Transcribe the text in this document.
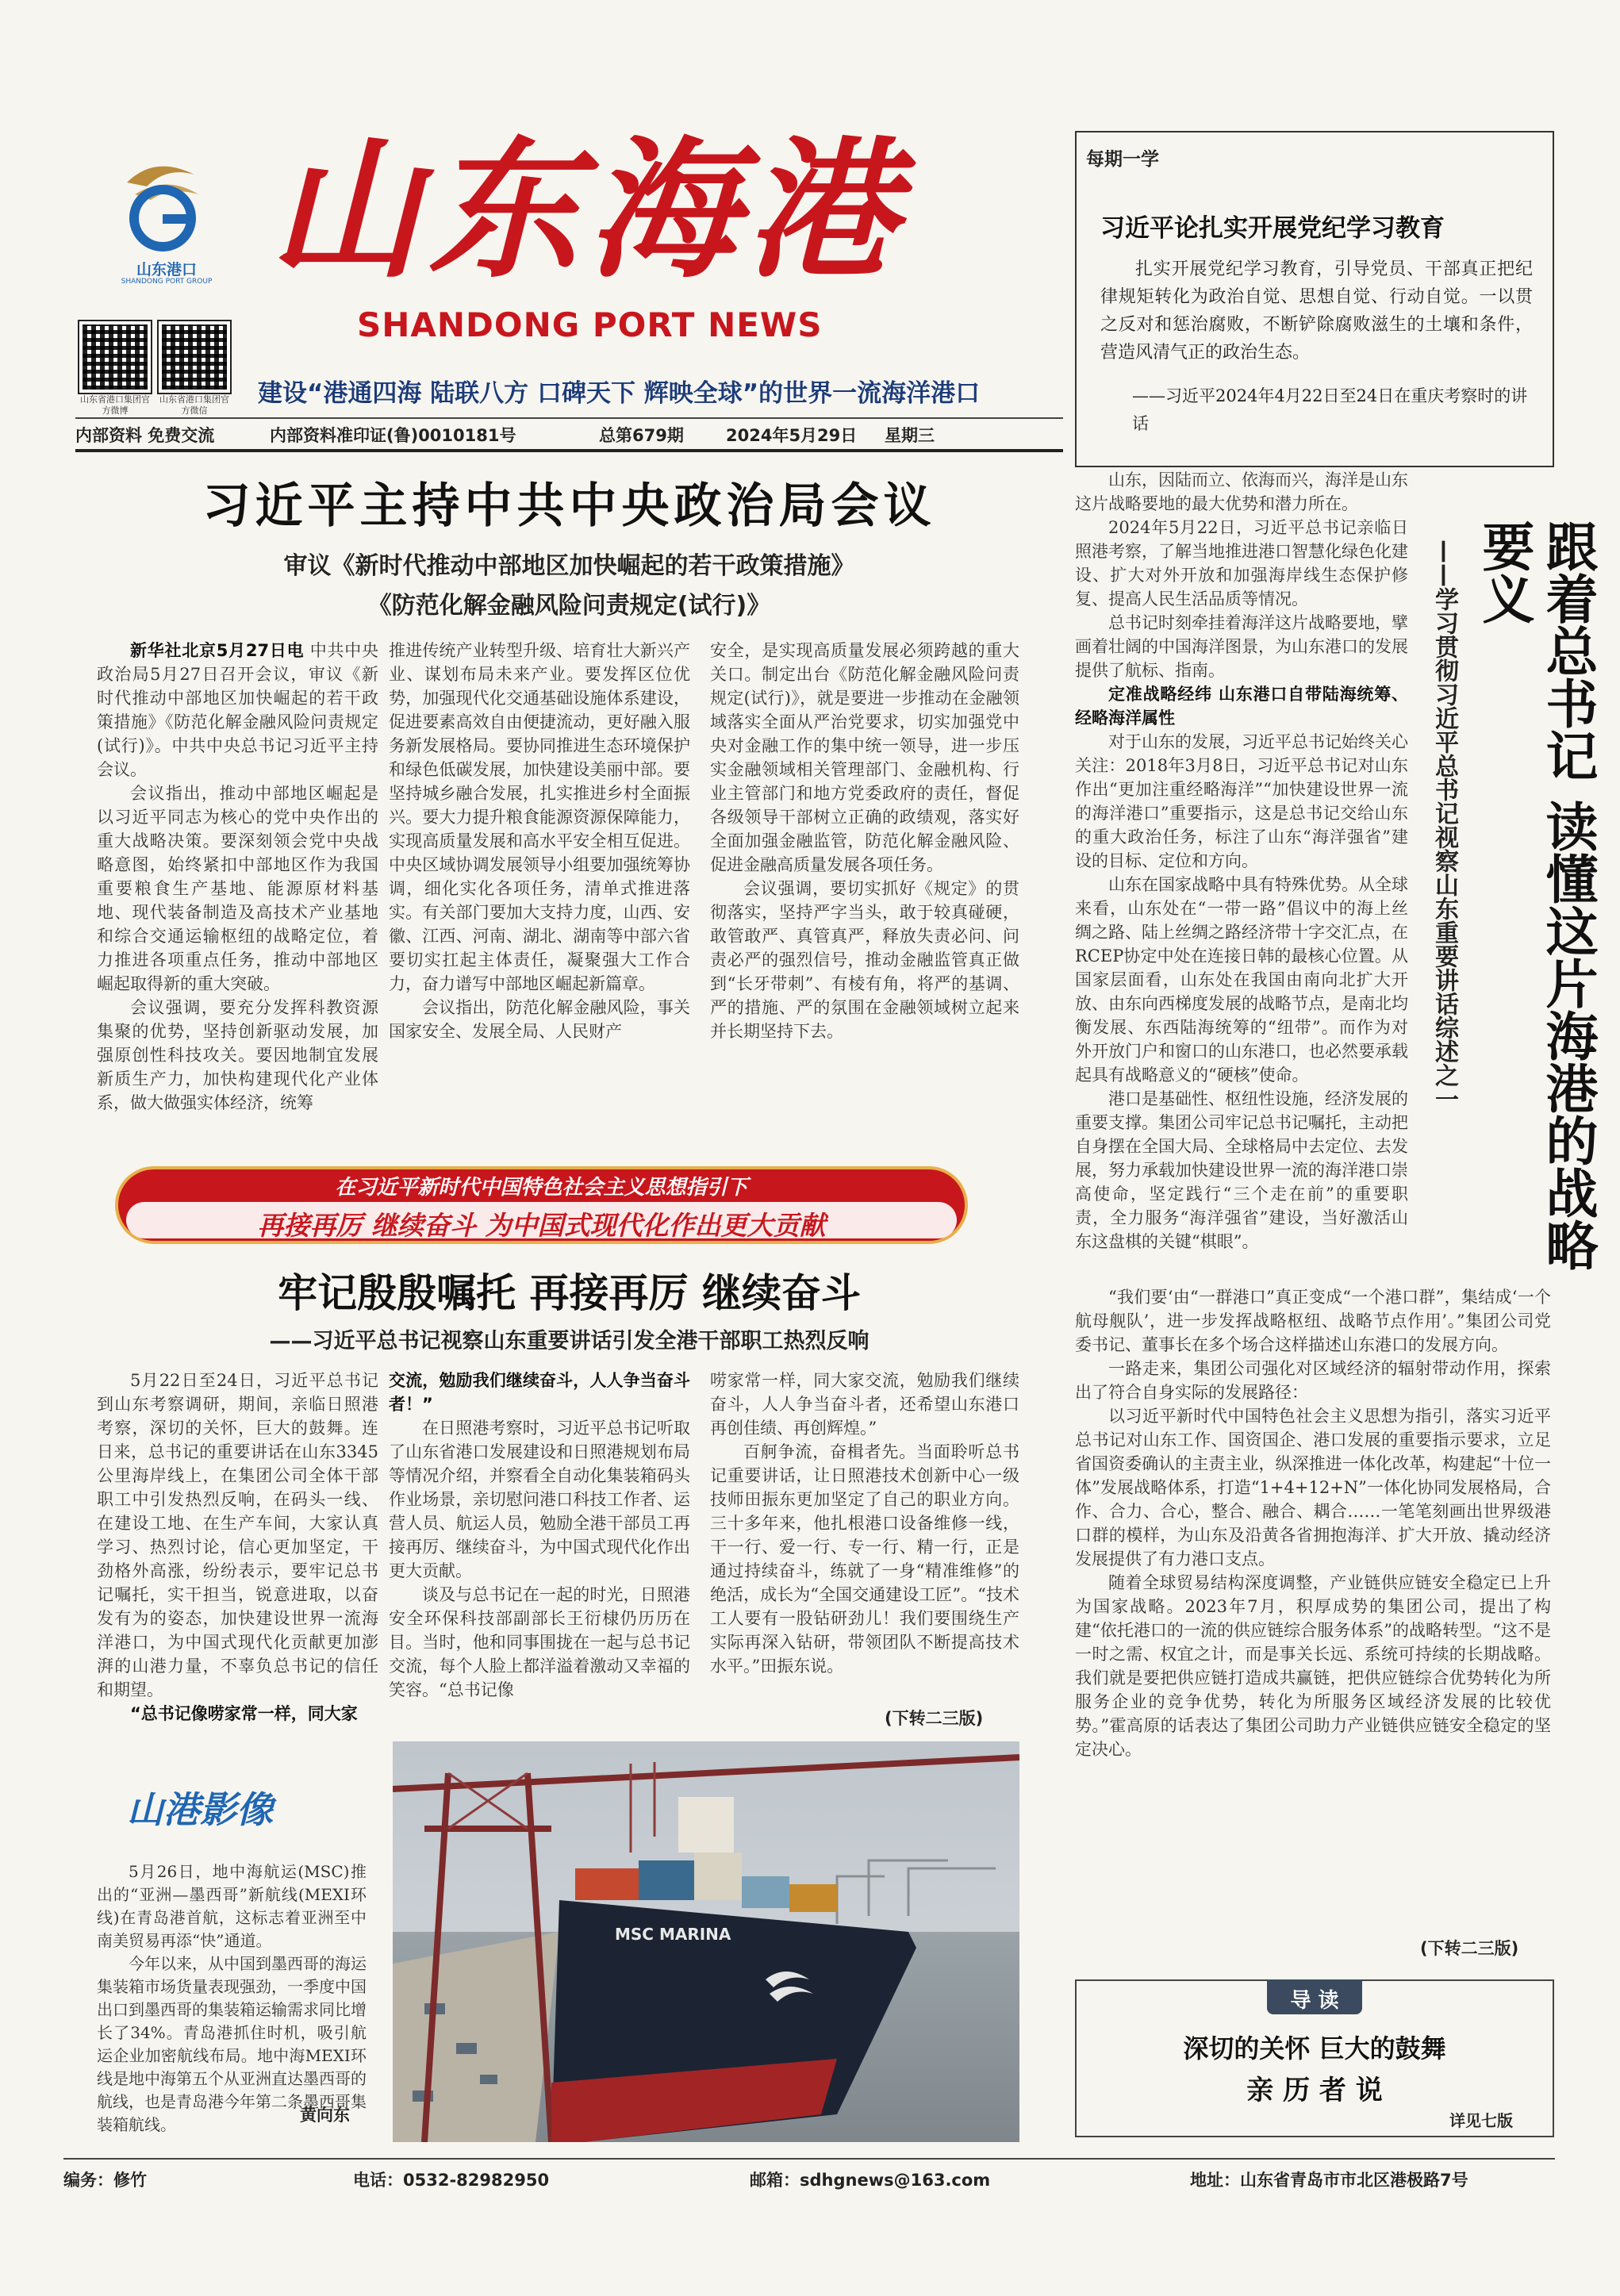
山东港口
SHANDONG PORT GROUP 山东海港
SHANDONG PORT NEWS
山东省港口集团官方微博
山东省港口集团官方微信
建设“港通四海 陆联八方 口碑天下 辉映全球”的世界一流海洋港口
内部资料 免费交流	内部资料准印证(鲁)0010181号	总第679期	2024年5月29日 星期三
每期一学
习近平论扎实开展党纪学习教育
扎实开展党纪学习教育，引导党员、干部真正把纪律规矩转化为政治自觉、思想自觉、行动自觉。一以贯之反对和惩治腐败，不断铲除腐败滋生的土壤和条件，营造风清气正的政治生态。
——习近平2024年4月22日至24日在重庆考察时的讲话
习近平主持中共中央政治局会议
审议《新时代推动中部地区加快崛起的若干政策措施》
《防范化解金融风险问责规定(试行)》

新华社北京5月27日电 中共中央政治局5月27日召开会议，审议《新时代推动中部地区加快崛起的若干政策措施》《防范化解金融风险问责规定(试行)》。中共中央总书记习近平主持会议。

会议指出，推动中部地区崛起是以习近平同志为核心的党中央作出的重大战略决策。要深刻领会党中央战略意图，始终紧扣中部地区作为我国重要粮食生产基地、能源原材料基地、现代装备制造及高技术产业基地和综合交通运输枢纽的战略定位，着力推进各项重点任务，推动中部地区崛起取得新的重大突破。

会议强调，要充分发挥科教资源集聚的优势，坚持创新驱动发展，加强原创性科技攻关。要因地制宜发展新质生产力，加快构建现代化产业体系，做大做强实体经济，统筹

推进传统产业转型升级、培育壮大新兴产业、谋划布局未来产业。要发挥区位优势，加强现代化交通基础设施体系建设，促进要素高效自由便捷流动，更好融入服务新发展格局。要协同推进生态环境保护和绿色低碳发展，加快建设美丽中部。要坚持城乡融合发展，扎实推进乡村全面振兴。要大力提升粮食能源资源保障能力，实现高质量发展和高水平安全相互促进。中央区域协调发展领导小组要加强统筹协调，细化实化各项任务，清单式推进落实。有关部门要加大支持力度，山西、安徽、江西、河南、湖北、湖南等中部六省要切实扛起主体责任，凝聚强大工作合力，奋力谱写中部地区崛起新篇章。

会议指出，防范化解金融风险，事关国家安全、发展全局、人民财产

安全，是实现高质量发展必须跨越的重大关口。制定出台《防范化解金融风险问责规定(试行)》，就是要进一步推动在金融领域落实全面从严治党要求，切实加强党中央对金融工作的集中统一领导，进一步压实金融领域相关管理部门、金融机构、行业主管部门和地方党委政府的责任，督促各级领导干部树立正确的政绩观，落实好全面加强金融监管，防范化解金融风险、促进金融高质量发展各项任务。

会议强调，要切实抓好《规定》的贯彻落实，坚持严字当头，敢于较真碰硬，敢管敢严、真管真严，释放失责必问、问责必严的强烈信号，推动金融监管真正做到“长牙带刺”、有棱有角，将严的基调、严的措施、严的氛围在金融领域树立起来并长期坚持下去。

在习近平新时代中国特色社会主义思想指引下
再接再厉 继续奋斗 为中国式现代化作出更大贡献
牢记殷殷嘱托 再接再厉 继续奋斗
——习近平总书记视察山东重要讲话引发全港干部职工热烈反响

5月22日至24日，习近平总书记到山东考察调研，期间，亲临日照港考察，深切的关怀，巨大的鼓舞。连日来，总书记的重要讲话在山东3345公里海岸线上，在集团公司全体干部职工中引发热烈反响，在码头一线、在建设工地、在生产车间，大家认真学习、热烈讨论，信心更加坚定，干劲格外高涨，纷纷表示，要牢记总书记嘱托，实干担当，锐意进取，以奋发有为的姿态，加快建设世界一流海洋港口，为中国式现代化贡献更加澎湃的山港力量，不辜负总书记的信任和期望。

“总书记像唠家常一样，同大家

交流，勉励我们继续奋斗，人人争当奋斗者！”

在日照港考察时，习近平总书记听取了山东省港口发展建设和日照港规划布局等情况介绍，并察看全自动化集装箱码头作业场景，亲切慰问港口科技工作者、运营人员、航运人员，勉励全港干部员工再接再厉、继续奋斗，为中国式现代化作出更大贡献。

谈及与总书记在一起的时光，日照港安全环保科技部副部长王衍棣仍历历在目。当时，他和同事围拢在一起与总书记交流，每个人脸上都洋溢着激动又幸福的笑容。“总书记像

唠家常一样，同大家交流，勉励我们继续奋斗，人人争当奋斗者，还希望山东港口再创佳绩、再创辉煌。”

百舸争流，奋楫者先。当面聆听总书记重要讲话，让日照港技术创新中心一级技师田振东更加坚定了自己的职业方向。三十多年来，他扎根港口设备维修一线，干一行、爱一行、专一行、精一行，正是通过持续奋斗，练就了一身“精准维修”的绝活，成长为“全国交通建设工匠”。“技术工人要有一股钻研劲儿！我们要围绕生产实际再深入钻研，带领团队不断提高技术水平。”田振东说。

(下转二三版)
山港影像

5月26日，地中海航运(MSC)推出的“亚洲—墨西哥”新航线(MEXI环线)在青岛港首航，这标志着亚洲至中南美贸易再添“快”通道。

今年以来，从中国到墨西哥的海运集装箱市场货量表现强劲，一季度中国出口到墨西哥的集装箱运输需求同比增长了34%。青岛港抓住时机，吸引航运企业加密航线布局。地中海MEXI环线是地中海第五个从亚洲直达墨西哥的航线，也是青岛港今年第二条墨西哥集装箱航线。	黄向东
MSC MARINA

山东，因陆而立、依海而兴，海洋是山东这片战略要地的最大优势和潜力所在。

2024年5月22日，习近平总书记亲临日照港考察，了解当地推进港口智慧化绿色化建设、扩大对外开放和加强海岸线生态保护修复、提高人民生活品质等情况。

总书记时刻牵挂着海洋这片战略要地，擘画着壮阔的中国海洋图景，为山东港口的发展提供了航标、指南。

定准战略经纬 山东港口自带陆海统筹、经略海洋属性

对于山东的发展，习近平总书记始终关心关注：2018年3月8日，习近平总书记对山东作出“更加注重经略海洋”“加快建设世界一流的海洋港口”重要指示，这是总书记交给山东的重大政治任务，标注了山东“海洋强省”建设的目标、定位和方向。

山东在国家战略中具有特殊优势。从全球来看，山东处在“一带一路”倡议中的海上丝绸之路、陆上丝绸之路经济带十字交汇点，在RCEP协定中处在连接日韩的最核心位置。从国家层面看，山东处在我国由南向北扩大开放、由东向西梯度发展的战略节点，是南北均衡发展、东西陆海统筹的“纽带”。而作为对外开放门户和窗口的山东港口，也必然要承载起具有战略意义的“硬核”使命。

港口是基础性、枢纽性设施，经济发展的重要支撑。集团公司牢记总书记嘱托，主动把自身摆在全国大局、全球格局中去定位、去发展，努力承载加快建设世界一流的海洋港口崇高使命，坚定践行“三个走在前”的重要职责，全力服务“海洋强省”建设，当好激活山东这盘棋的关键“棋眼”。	跟着总书记 读懂这片海港的战略要义
——学习贯彻习近平总书记视察山东重要讲话综述之一

“我们要‘由“一群港口”真正变成“一个港口群”，集结成‘一个航母舰队’，进一步发挥战略枢纽、战略节点作用’。”集团公司党委书记、董事长在多个场合这样描述山东港口的发展方向。

一路走来，集团公司强化对区域经济的辐射带动作用，探索出了符合自身实际的发展路径：

以习近平新时代中国特色社会主义思想为指引，落实习近平总书记对山东工作、国资国企、港口发展的重要指示要求，立足省国资委确认的主责主业，纵深推进一体化改革，构建起“十位一体”发展战略体系，打造“1+4+12+N”一体化协同发展格局，合作、合力、合心，整合、融合、耦合……一笔笔刻画出世界级港口群的模样，为山东及沿黄各省拥抱海洋、扩大开放、撬动经济发展提供了有力港口支点。

随着全球贸易结构深度调整，产业链供应链安全稳定已上升为国家战略。2023年7月，积厚成势的集团公司，提出了构建“依托港口的一流的供应链综合服务体系”的战略转型。“这不是一时之需、权宜之计，而是事关长远、系统可持续的长期战略。我们就是要把供应链打造成共赢链，把供应链综合优势转化为所服务企业的竞争优势，转化为所服务区域经济发展的比较优势。”霍高原的话表达了集团公司助力产业链供应链安全稳定的坚定决心。

(下转二三版)
导 读
深切的关怀 巨大的鼓舞
亲 历 者 说
详见七版
编务：修竹	电话：0532-82982950	邮箱：sdhgnews@163.com	地址：山东省青岛市市北区港极路7号
